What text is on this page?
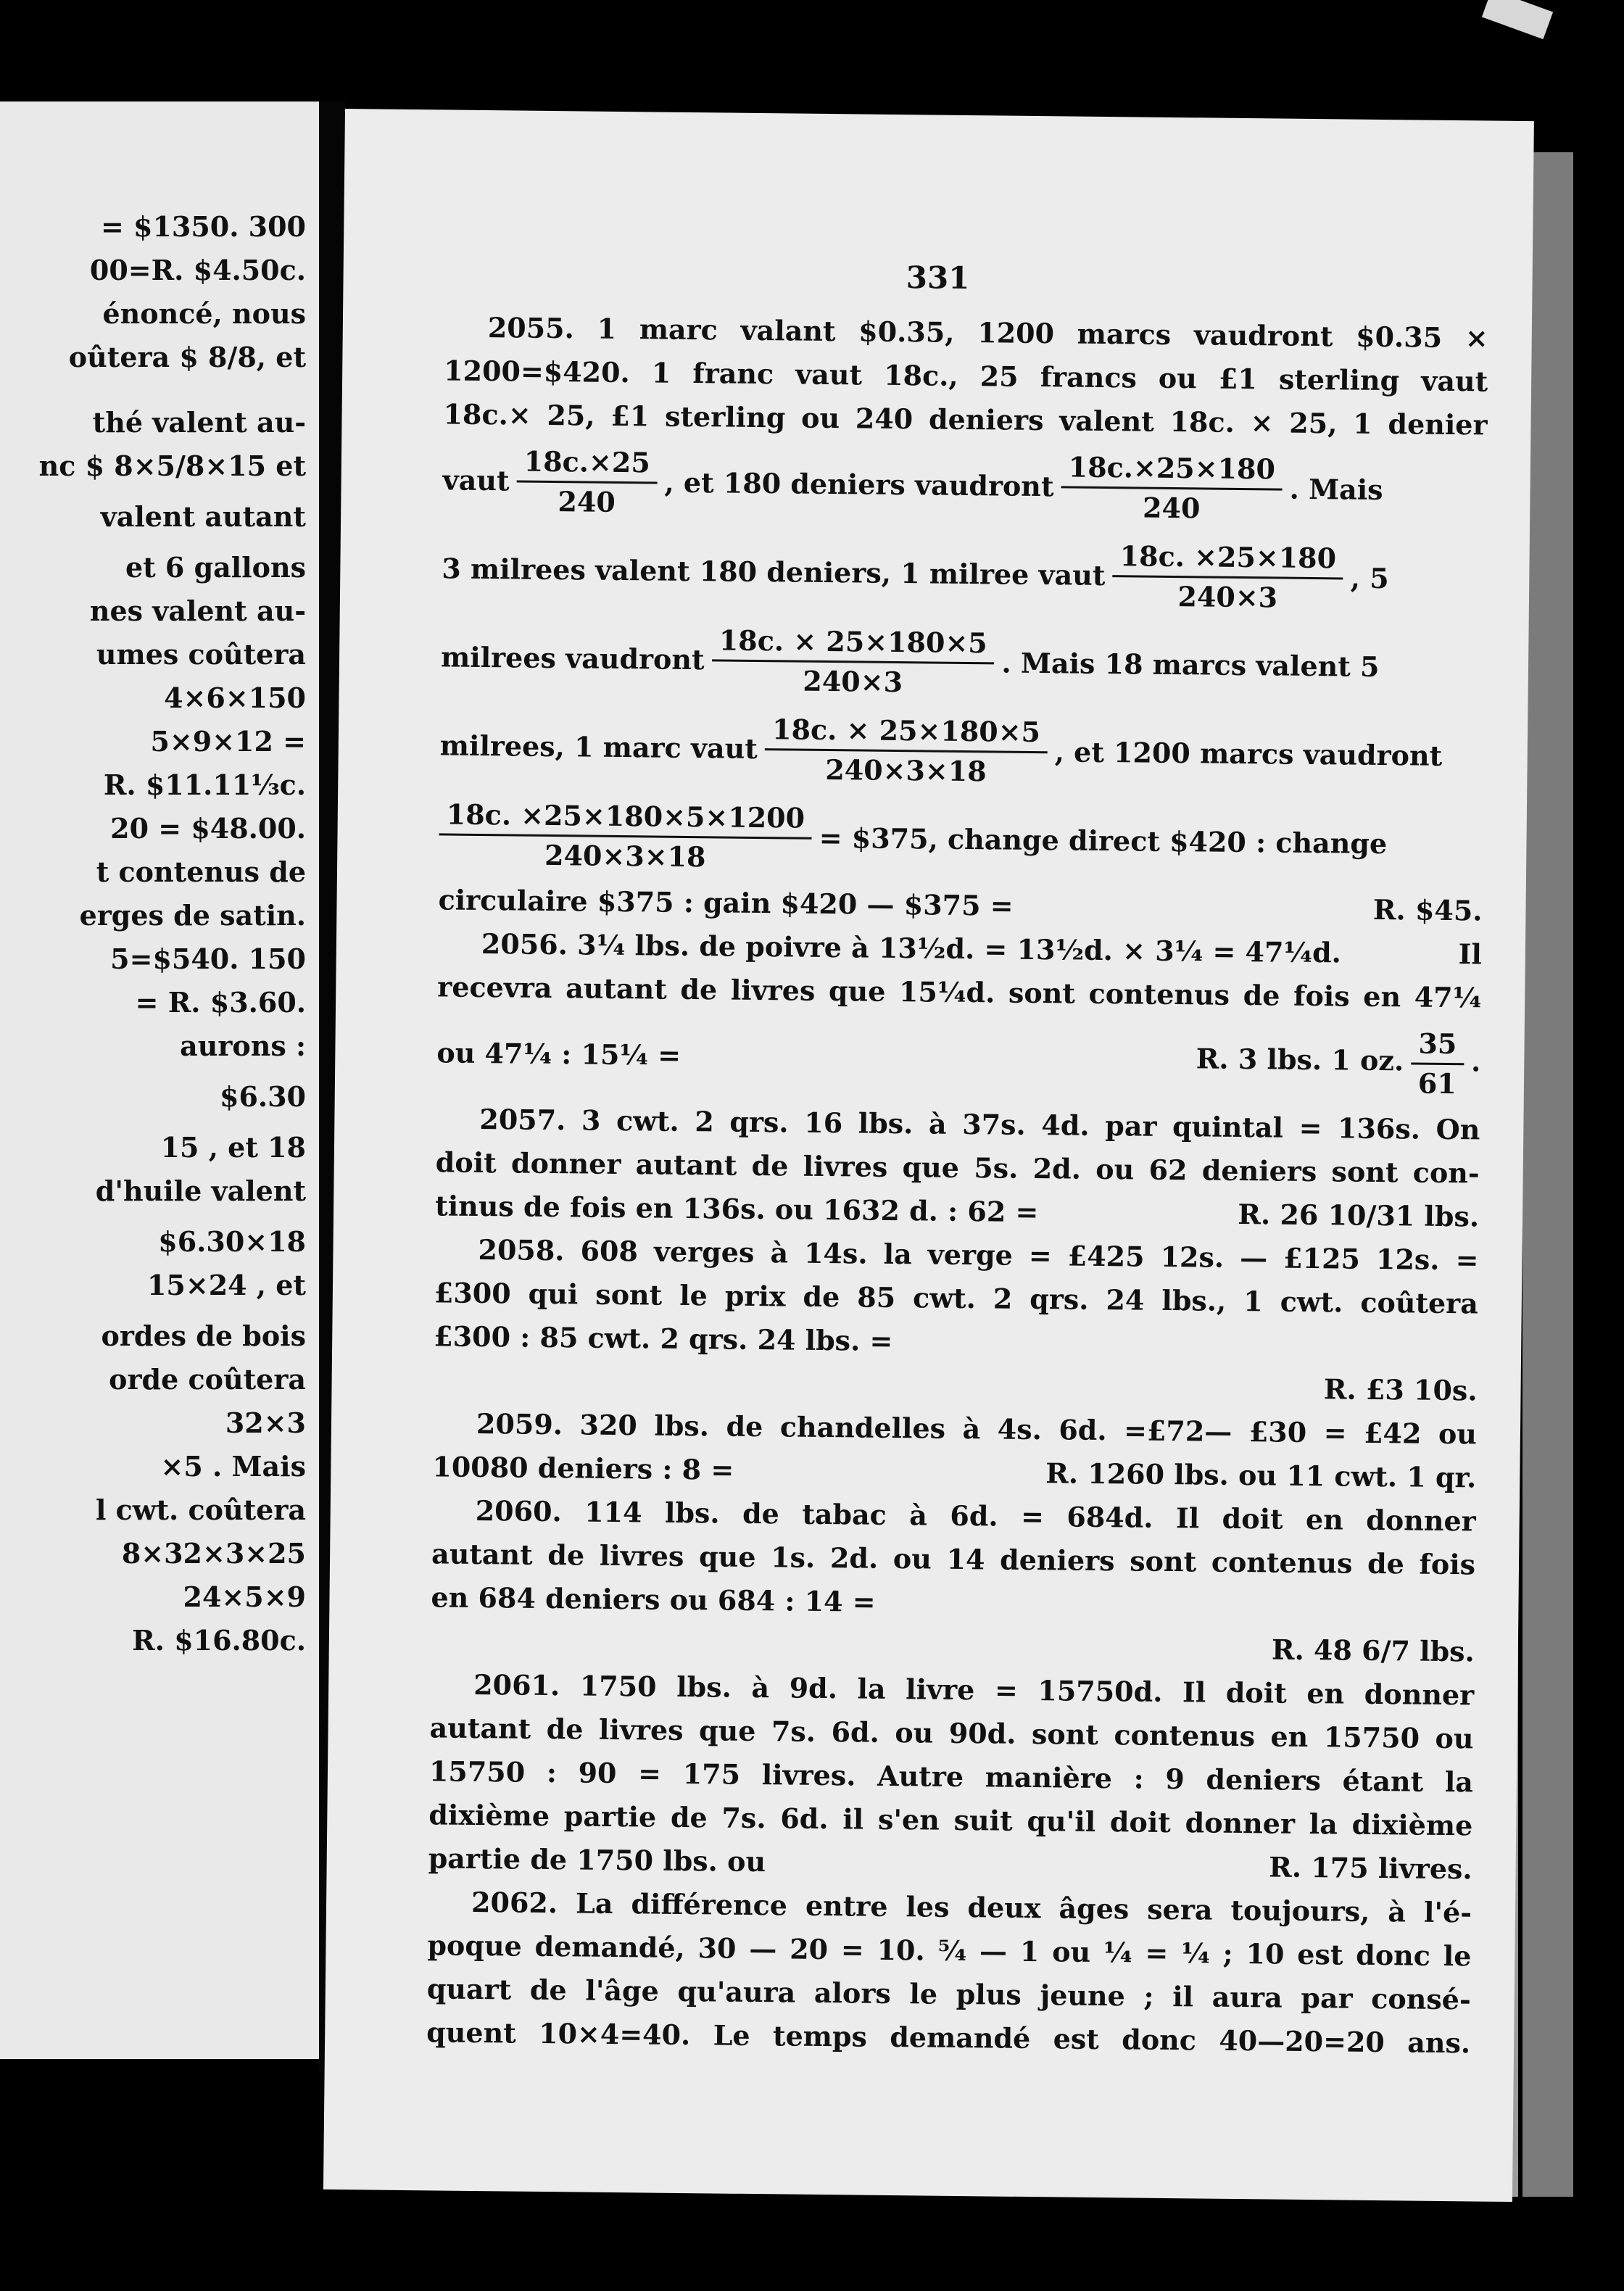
= $1350. 300
00=R. $4.50c.
énoncé, nous
oûtera $ 8/8, et
thé valent au-
nc $ 8×5/8×15 et
valent autant
et 6 gallons
nes valent au-
umes coûtera
4×6×150
5×9×12 =
R. $11.11⅓c.
20 = $48.00.
t contenus de
erges de satin.
5=$540. 150
= R. $3.60.
aurons :
$6.30
15 , et 18
d'huile valent
$6.30×18
15×24 , et
ordes de bois
orde coûtera
32×3
×5 . Mais
l cwt. coûtera
8×32×3×25
24×5×9
R. $16.80c.
331
2055. 1 marc valant $0.35, 1200 marcs vaudront $0.35 ×
1200=$420. 1 franc vaut 18c., 25 francs ou £1 sterling vaut
18c.× 25, £1 sterling ou 240 deniers valent 18c. × 25, 1 denier
vaut $\frac{18c.\times 25}{240}$ , et 180 deniers vaudront $\frac{18c.\times 25\times 180}{240}$ . Mais
3 milrees valent 180 deniers, 1 milree vaut $\frac{18c. \times 25\times 180}{240\times 3}$ , 5
milrees vaudront $\frac{18c. \times 25\times 180\times 5}{240\times 3}$ . Mais 18 marcs valent 5
milrees, 1 marc vaut $\frac{18c. \times 25\times 180\times 5}{240\times 3\times 18}$ , et 1200 marcs vaudront
$\frac{18c. \times 25\times 180\times 5\times 1200}{240\times 3\times 18}$ = $375, change direct $420 : change
circulaire $375 : gain $420 — $375 =	R. $45.
2056. 3¼ lbs. de poivre à 13½d. = 13½d. × 3¼ = 47¼d.	Il
recevra autant de livres que 15¼d. sont contenus de fois en 47¼
ou 47¼ : 15¼ =	R. 3 lbs. 1 oz. $\frac{35}{61}$ .
2057. 3 cwt. 2 qrs. 16 lbs. à 37s. 4d. par quintal = 136s. On
doit donner autant de livres que 5s. 2d. ou 62 deniers sont con-
tinus de fois en 136s. ou 1632 d. : 62 =	R. 26 10/31 lbs.
2058. 608 verges à 14s. la verge = £425 12s. — £125 12s. =
£300 qui sont le prix de 85 cwt. 2 qrs. 24 lbs., 1 cwt. coûtera
£300 : 85 cwt. 2 qrs. 24 lbs. =
R. £3 10s.
2059. 320 lbs. de chandelles à 4s. 6d. =£72— £30 = £42 ou
10080 deniers : 8 =	R. 1260 lbs. ou 11 cwt. 1 qr.
2060. 114 lbs. de tabac à 6d. = 684d. Il doit en donner
autant de livres que 1s. 2d. ou 14 deniers sont contenus de fois
en 684 deniers ou 684 : 14 =
R. 48 6/7 lbs.
2061. 1750 lbs. à 9d. la livre = 15750d. Il doit en donner
autant de livres que 7s. 6d. ou 90d. sont contenus en 15750 ou
15750 : 90 = 175 livres. Autre manière : 9 deniers étant la
dixième partie de 7s. 6d. il s'en suit qu'il doit donner la dixième
partie de 1750 lbs. ou	R. 175 livres.
2062. La différence entre les deux âges sera toujours, à l'é-
poque demandé, 30 — 20 = 10. ⁵⁄₄ — 1 ou ¼ = ¼ ; 10 est donc le
quart de l'âge qu'aura alors le plus jeune ; il aura par consé-
quent 10×4=40. Le temps demandé est donc 40—20=20 ans.
